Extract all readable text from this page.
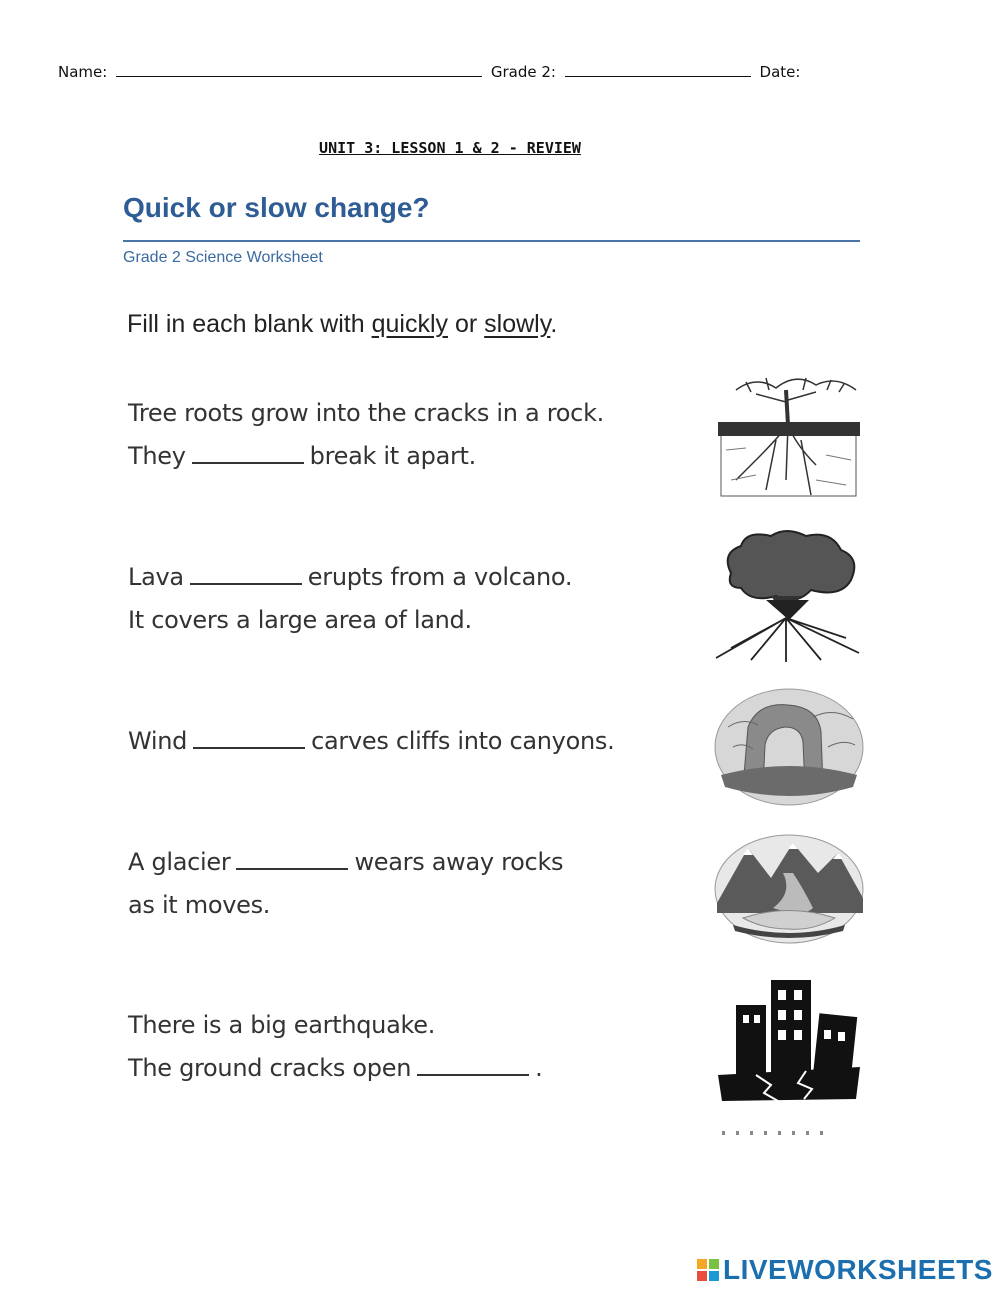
Name:	Grade 2:	Date:
UNIT 3: LESSON 1 & 2 - REVIEW
Quick or slow change?
Grade 2 Science Worksheet
Fill in each blank with quickly or slowly.
Tree roots grow into the cracks in a rock.
They	break it apart.
Lava	erupts from a volcano.
It covers a large area of land.
Wind	carves cliffs into canyons.
A glacier	wears away rocks
as it moves.
There is a big earthquake.
The ground cracks open	.
LIVEWORKSHEETS
